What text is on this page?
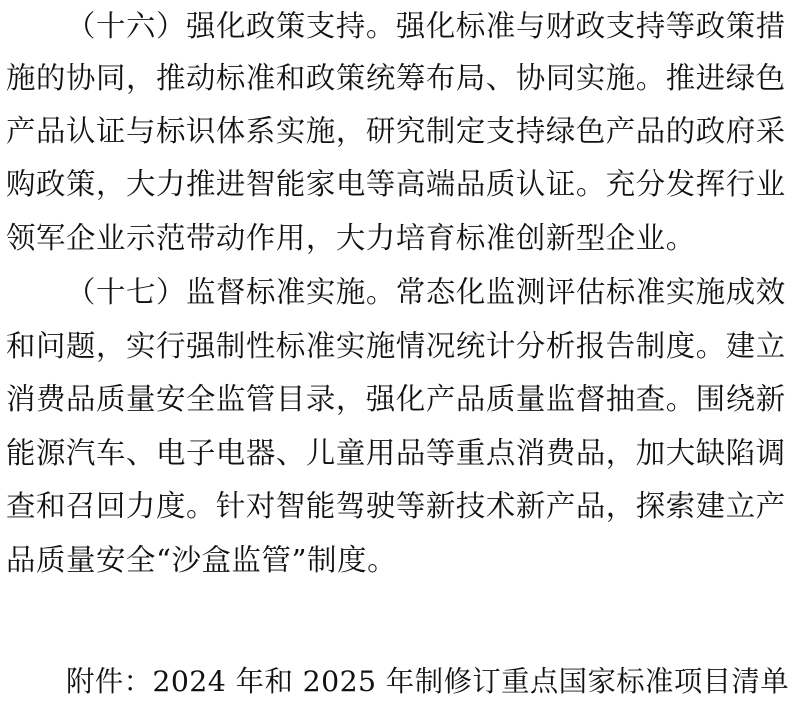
（十六）强化政策支持。强化标准与财政支持等政策措
施的协同，推动标准和政策统筹布局、协同实施。推进绿色
产品认证与标识体系实施，研究制定支持绿色产品的政府采
购政策，大力推进智能家电等高端品质认证。充分发挥行业
领军企业示范带动作用，大力培育标准创新型企业。
（十七）监督标准实施。常态化监测评估标准实施成效
和问题，实行强制性标准实施情况统计分析报告制度。建立
消费品质量安全监管目录，强化产品质量监督抽查。围绕新
能源汽车、电子电器、儿童用品等重点消费品，加大缺陷调
查和召回力度。针对智能驾驶等新技术新产品，探索建立产
品质量安全“沙盒监管”制度。
附件：2024 年和 2025 年制修订重点国家标准项目清单
